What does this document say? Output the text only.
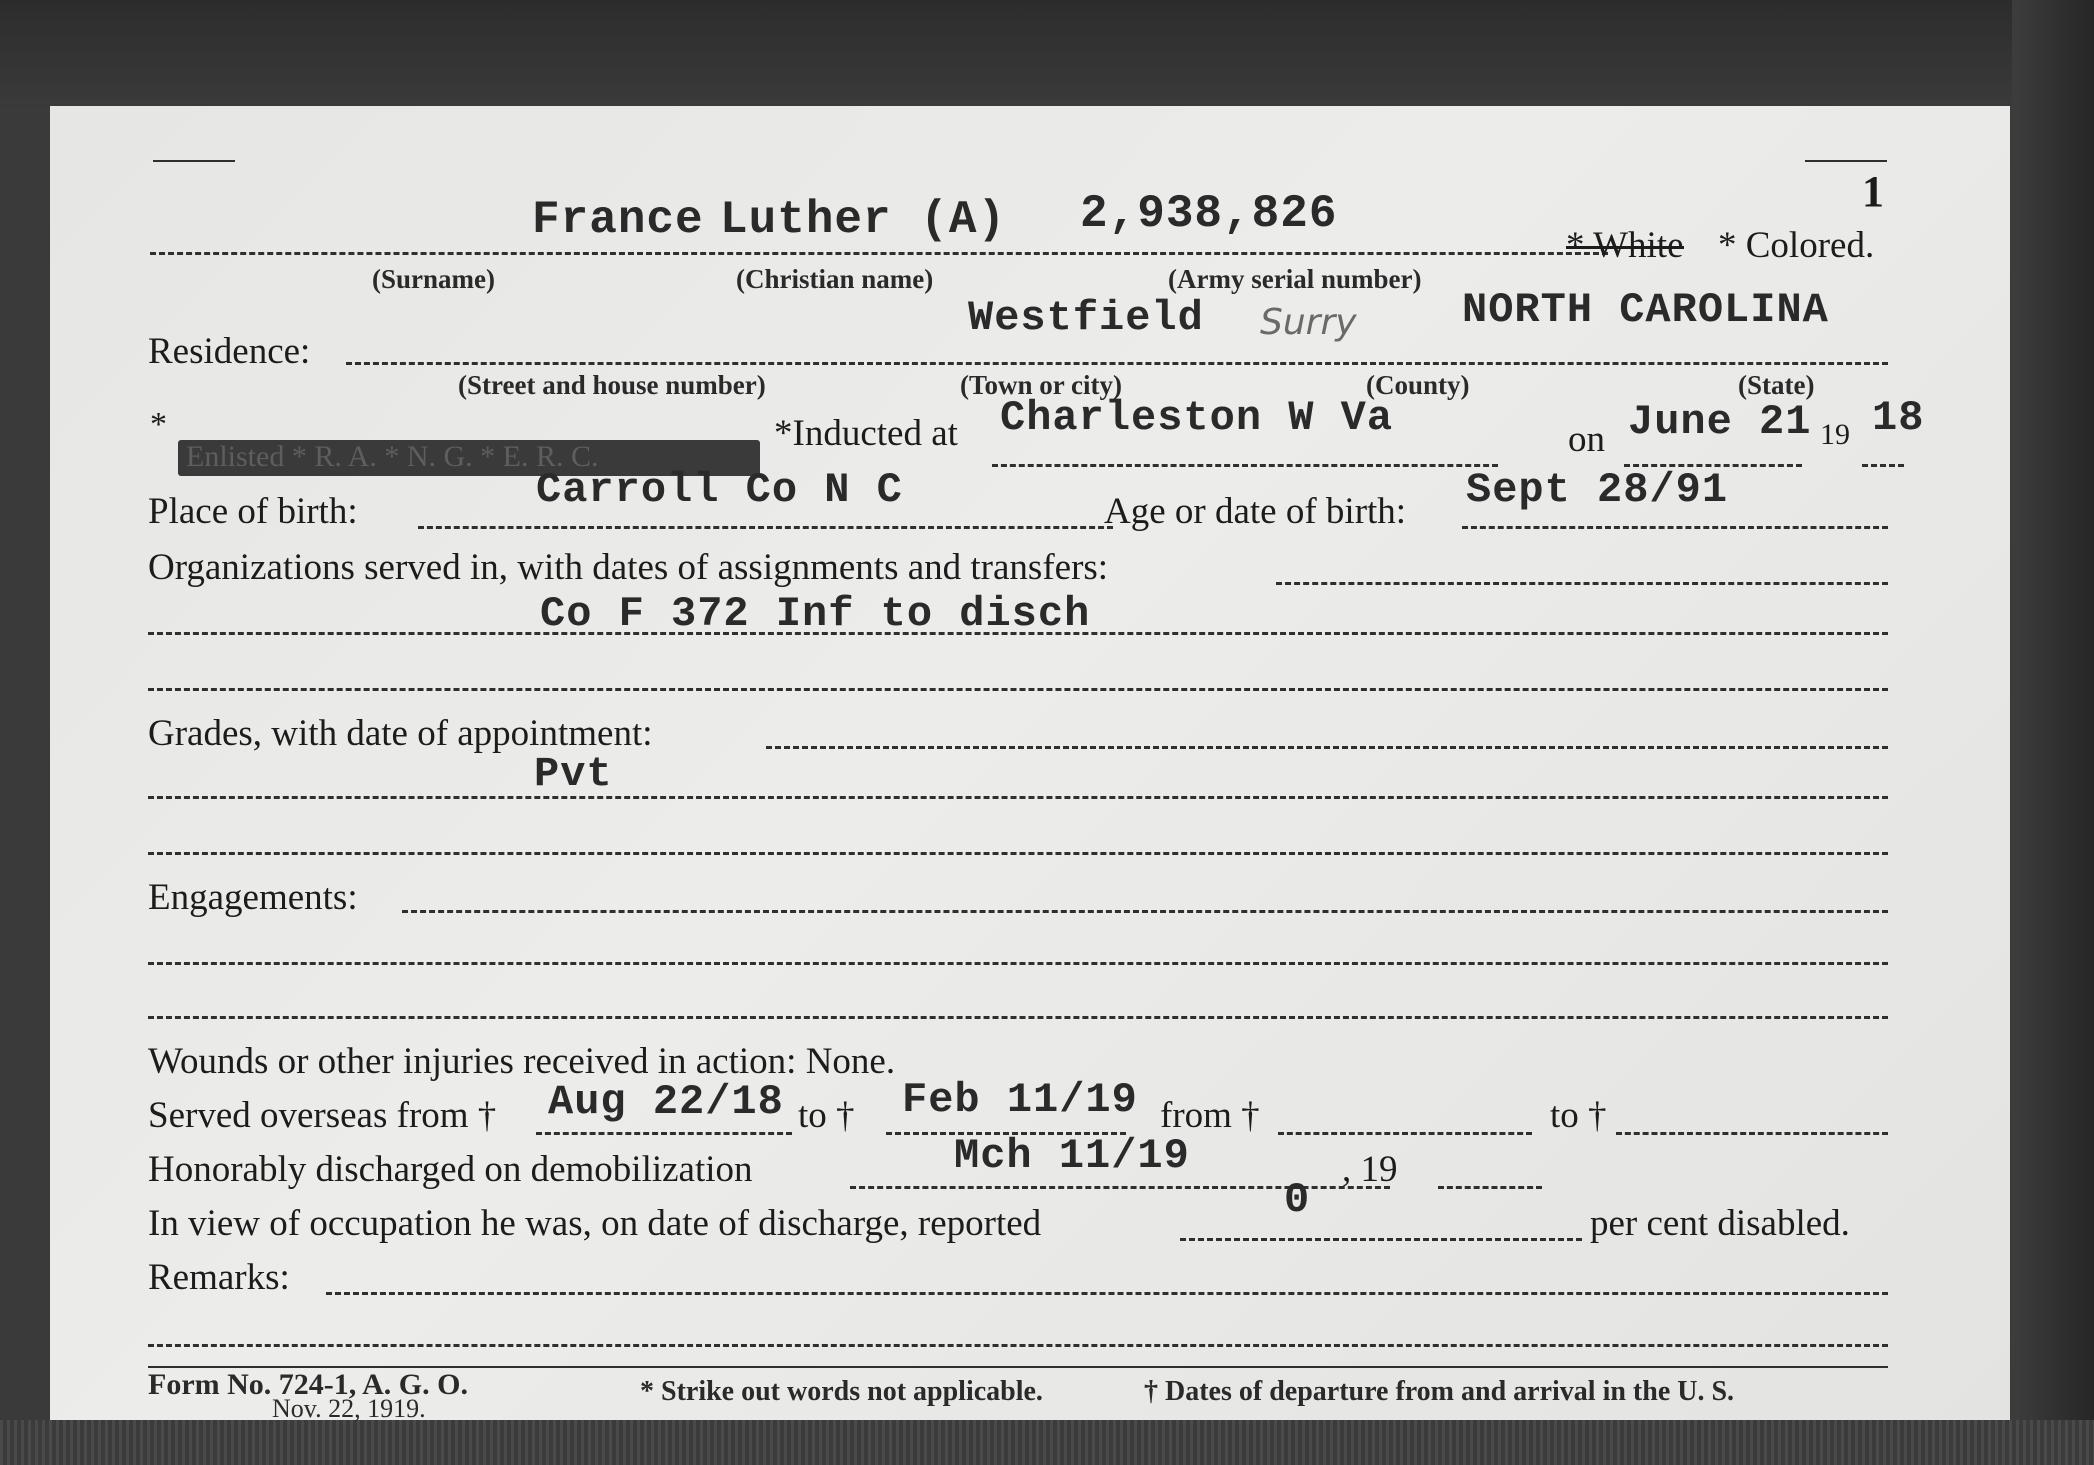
1
France Luther (A) 2,938,826
* White * Colored.
(Surname)	(Christian name)	(Army serial number)
Westfield Surry	NORTH CAROLINA
Residence:
(Street and house number)	(Town or city)	(County)	(State)
*
Enlisted * R. A. * N. G. * E. R. C.
*Inducted at Charleston W Va	on June 21 19 18
Place of birth:	Carroll Co N C	Age or date of birth: Sept 28/91
Organizations served in, with dates of assignments and transfers:
Co F 372 Inf to disch
Grades, with date of appointment:
Pvt
Engagements:
Wounds or other injuries received in action: None.
Served overseas from † Aug 22/18 to † Feb 11/19 from †	to †
Honorably discharged on demobilization	Mch 11/19	, 19
0
In view of occupation he was, on date of discharge, reported	per cent disabled.
Remarks:
Form No. 724-1, A. G. O.
Nov. 22, 1919.
* Strike out words not applicable.	† Dates of departure from and arrival in the U. S.
